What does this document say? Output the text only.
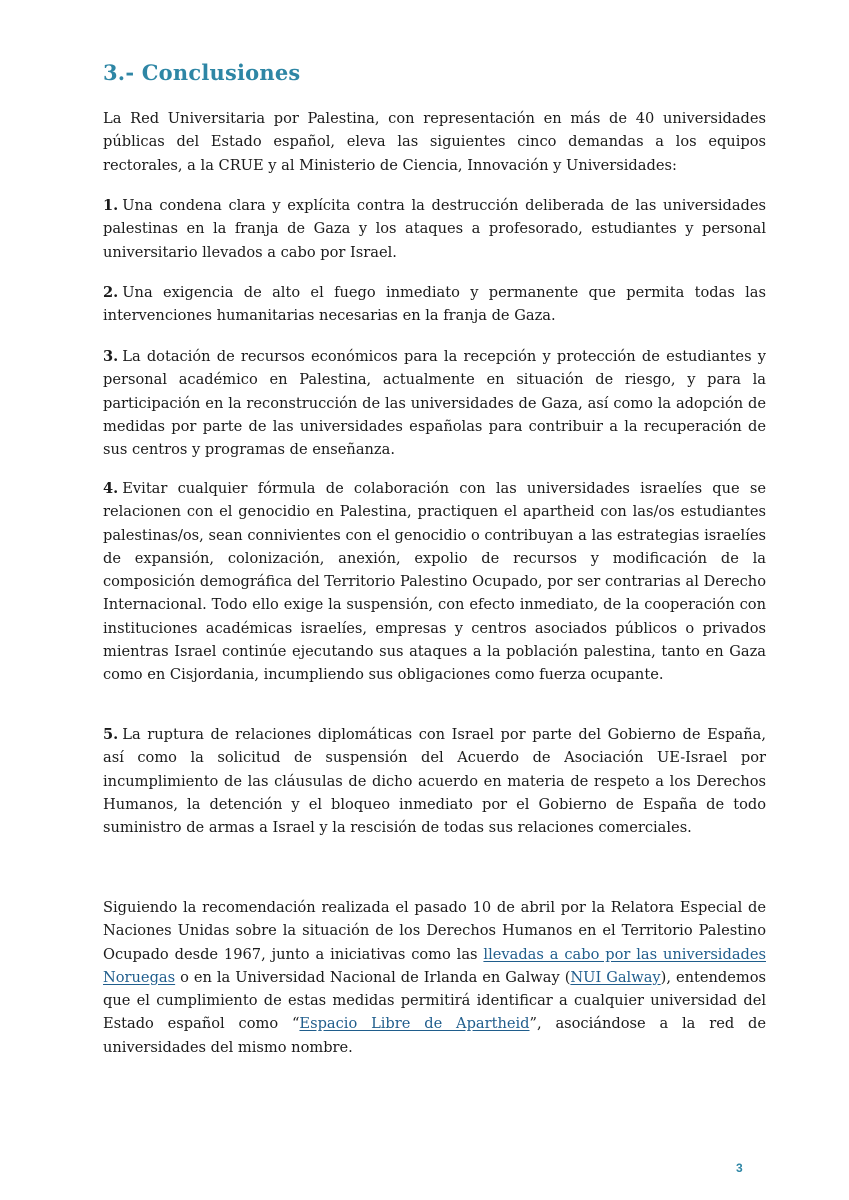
3.- Conclusiones

La Red Universitaria por Palestina, con representación en más de 40 universidades públicas del Estado español, eleva las siguientes cinco demandas a los equipos rectorales, a la CRUE y al Ministerio de Ciencia, Innovación y Universidades:

1. Una condena clara y explícita contra la destrucción deliberada de las universidades palestinas en la franja de Gaza y los ataques a profesorado, estudiantes y personal universitario llevados a cabo por Israel.

2. Una exigencia de alto el fuego inmediato y permanente que permita todas las intervenciones humanitarias necesarias en la franja de Gaza.

3. La dotación de recursos económicos para la recepción y protección de estudiantes y personal académico en Palestina, actualmente en situación de riesgo, y para la participación en la reconstrucción de las universidades de Gaza, así como la adopción de medidas por parte de las universidades españolas para contribuir a la recuperación de sus centros y programas de enseñanza.

4. Evitar cualquier fórmula de colaboración con las universidades israelíes que se relacionen con el genocidio en Palestina, practiquen el apartheid con las/os estudiantes palestinas/os, sean connivientes con el genocidio o contribuyan a las estrategias israelíes de expansión, colonización, anexión, expolio de recursos y modificación de la composición demográfica del Territorio Palestino Ocupado, por ser contrarias al Derecho Internacional. Todo ello exige la suspensión, con efecto inmediato, de la cooperación con instituciones académicas israelíes, empresas y centros asociados públicos o privados mientras Israel continúe ejecutando sus ataques a la población palestina, tanto en Gaza como en Cisjordania, incumpliendo sus obligaciones como fuerza ocupante.

5. La ruptura de relaciones diplomáticas con Israel por parte del Gobierno de España, así como la solicitud de suspensión del Acuerdo de Asociación UE-Israel por incumplimiento de las cláusulas de dicho acuerdo en materia de respeto a los Derechos Humanos, la detención y el bloqueo inmediato por el Gobierno de España de todo suministro de armas a Israel y la rescisión de todas sus relaciones comerciales.

Siguiendo la recomendación realizada el pasado 10 de abril por la Relatora Especial de Naciones Unidas sobre la situación de los Derechos Humanos en el Territorio Palestino Ocupado desde 1967, junto a iniciativas como las llevadas a cabo por las universidades Noruegas o en la Universidad Nacional de Irlanda en Galway (NUI Galway), entendemos que el cumplimiento de estas medidas permitirá identificar a cualquier universidad del Estado español como “Espacio Libre de Apartheid”, asociándose a la red de universidades del mismo nombre.

3
